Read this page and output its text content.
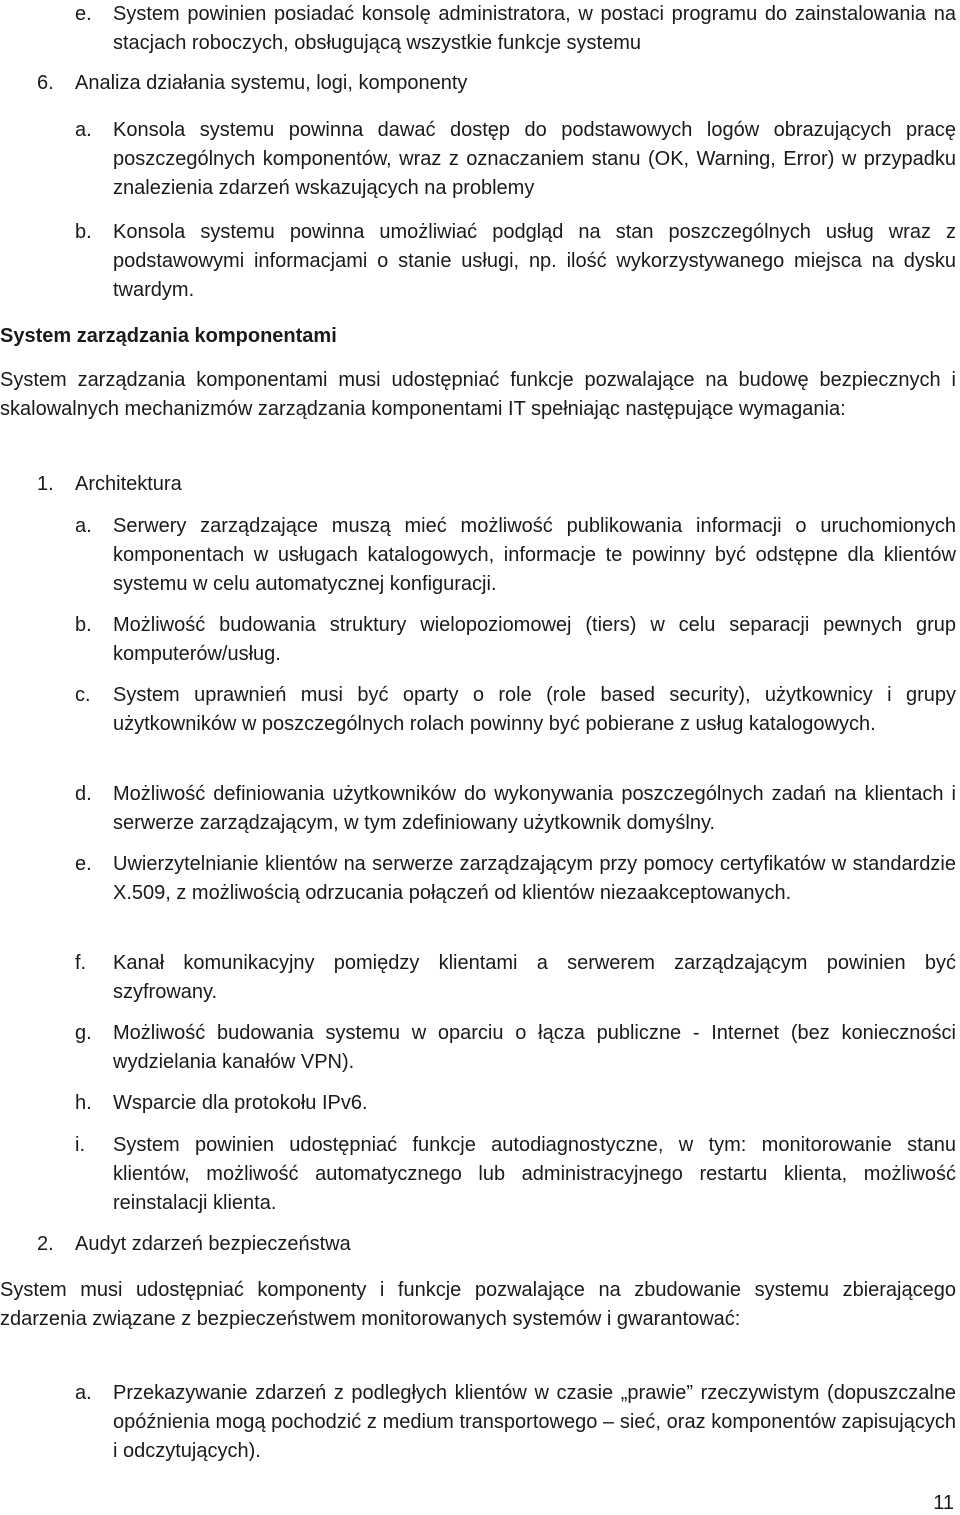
e. System powinien posiadać konsolę administratora, w postaci programu do zainstalowania na stacjach roboczych, obsługującą wszystkie funkcje systemu
6. Analiza działania systemu, logi, komponenty
a. Konsola systemu powinna dawać dostęp do podstawowych logów obrazujących pracę poszczególnych komponentów, wraz z oznaczaniem stanu (OK, Warning, Error) w przypadku znalezienia zdarzeń wskazujących na problemy
b. Konsola systemu powinna umożliwiać podgląd na stan poszczególnych usług wraz z podstawowymi informacjami o stanie usługi, np. ilość wykorzystywanego miejsca na dysku twardym.
System zarządzania komponentami
System zarządzania komponentami musi udostępniać funkcje pozwalające na budowę bezpiecznych i skalowalnych mechanizmów zarządzania komponentami IT spełniając następujące wymagania:
1. Architektura
a. Serwery zarządzające muszą mieć możliwość publikowania informacji o uruchomionych komponentach w usługach katalogowych, informacje te powinny być odstępne dla klientów systemu w celu automatycznej konfiguracji.
b. Możliwość budowania struktury wielopoziomowej (tiers) w celu separacji pewnych grup komputerów/usług.
c. System uprawnień musi być oparty o role (role based security), użytkownicy i grupy użytkowników w poszczególnych rolach powinny być pobierane z usług katalogowych.
d. Możliwość definiowania użytkowników do wykonywania poszczególnych zadań na klientach i serwerze zarządzającym, w tym zdefiniowany użytkownik domyślny.
e. Uwierzytelnianie klientów na serwerze zarządzającym przy pomocy certyfikatów w standardzie X.509, z możliwością odrzucania połączeń od klientów niezaakceptowanych.
f. Kanał komunikacyjny pomiędzy klientami a serwerem zarządzającym powinien być szyfrowany.
g. Możliwość budowania systemu w oparciu o łącza publiczne - Internet (bez konieczności wydzielania kanałów VPN).
h. Wsparcie dla protokołu IPv6.
i. System powinien udostępniać funkcje autodiagnostyczne, w tym: monitorowanie stanu klientów, możliwość automatycznego lub administracyjnego restartu klienta, możliwość reinstalacji klienta.
2. Audyt zdarzeń bezpieczeństwa
System musi udostępniać komponenty i funkcje pozwalające na zbudowanie systemu zbierającego zdarzenia związane z bezpieczeństwem monitorowanych systemów i gwarantować:
a. Przekazywanie zdarzeń z podległych klientów w czasie „prawie” rzeczywistym (dopuszczalne opóźnienia mogą pochodzić z medium transportowego – sieć, oraz komponentów zapisujących i odczytujących).
11
